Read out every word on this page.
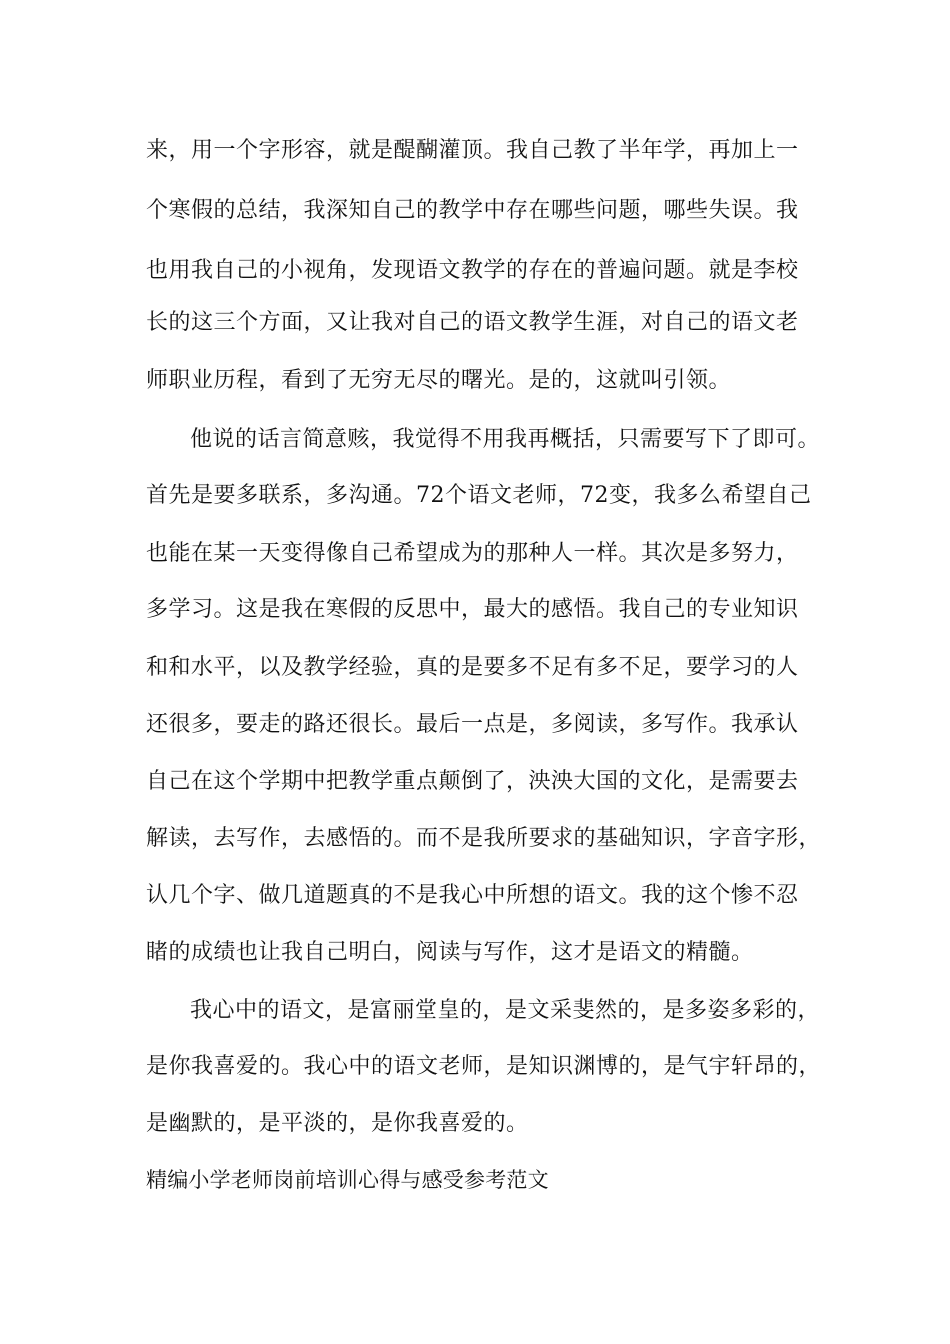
来，用一个字形容，就是醍醐灌顶。我自己教了半年学，再加上一

个寒假的总结，我深知自己的教学中存在哪些问题，哪些失误。我

也用我自己的小视角，发现语文教学的存在的普遍问题。就是李校

长的这三个方面，又让我对自己的语文教学生涯，对自己的语文老

师职业历程，看到了无穷无尽的曙光。是的，这就叫引领。

他说的话言简意赅，我觉得不用我再概括，只需要写下了即可。

首先是要多联系，多沟通。72个语文老师，72变，我多么希望自己

也能在某一天变得像自己希望成为的那种人一样。其次是多努力，

多学习。这是我在寒假的反思中，最大的感悟。我自己的专业知识

和和水平，以及教学经验，真的是要多不足有多不足，要学习的人

还很多，要走的路还很长。最后一点是，多阅读，多写作。我承认

自己在这个学期中把教学重点颠倒了，泱泱大国的文化，是需要去

解读，去写作，去感悟的。而不是我所要求的基础知识，字音字形，

认几个字、做几道题真的不是我心中所想的语文。我的这个惨不忍

睹的成绩也让我自己明白，阅读与写作，这才是语文的精髓。

我心中的语文，是富丽堂皇的，是文采斐然的，是多姿多彩的，

是你我喜爱的。我心中的语文老师，是知识渊博的，是气宇轩昂的，

是幽默的，是平淡的，是你我喜爱的。

精编小学老师岗前培训心得与感受参考范文
